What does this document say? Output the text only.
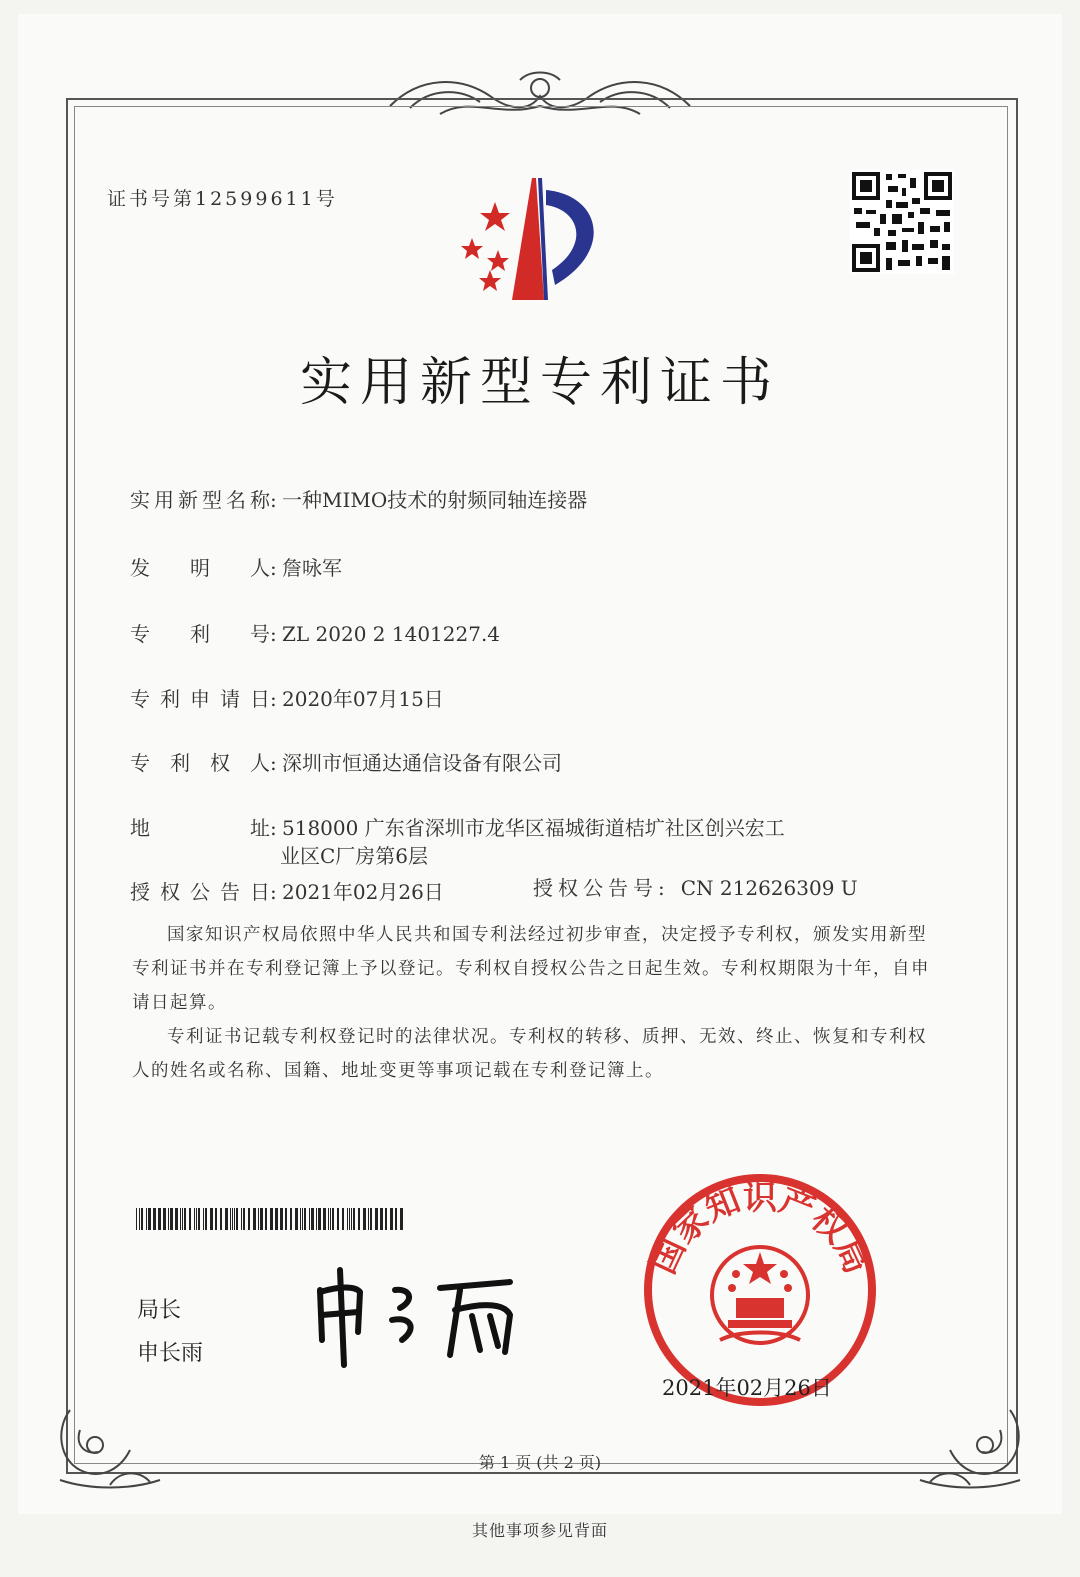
证书号第12599611号
实用新型专利证书
实用新型名称: 一种MIMO技术的射频同轴连接器
发明人: 詹咏军
专利号: ZL 2020 2 1401227.4
专利申请日: 2020年07月15日
专利权人: 深圳市恒通达通信设备有限公司
地址: 518000 广东省深圳市龙华区福城街道桔圹社区创兴宏工
业区C厂房第6层
授权公告日: 2021年02月26日	授权公告号: CN 212626309 U
国家知识产权局依照中华人民共和国专利法经过初步审查，决定授予专利权，颁发实用新型专利证书并在专利登记簿上予以登记。专利权自授权公告之日起生效。专利权期限为十年，自申请日起算。
专利证书记载专利权登记时的法律状况。专利权的转移、质押、无效、终止、恢复和专利权人的姓名或名称、国籍、地址变更等事项记载在专利登记簿上。
局长
申长雨
国家知识产权局
2021年02月26日
第 1 页 (共 2 页)
其他事项参见背面
